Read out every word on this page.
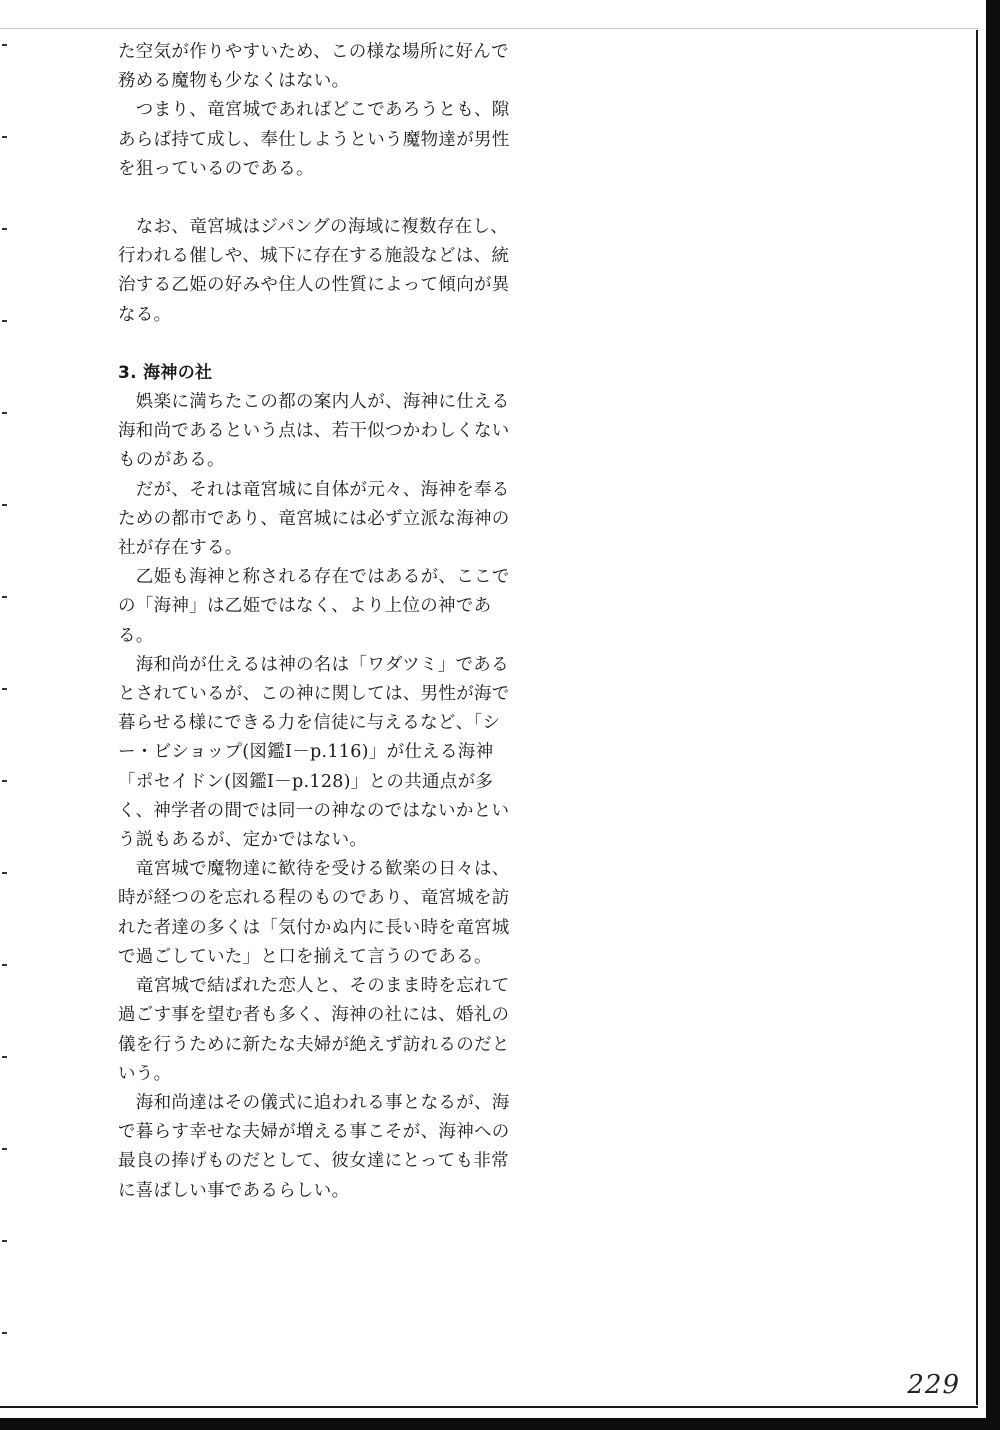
た空気が作りやすいため、この様な場所に好んで務める魔物も少なくはない。

　つまり、竜宮城であればどこであろうとも、隙あらば持て成し、奉仕しようという魔物達が男性を狙っているのである。

　なお、竜宮城はジパングの海域に複数存在し、行われる催しや、城下に存在する施設などは、統治する乙姫の好みや住人の性質によって傾向が異なる。

3. 海神の社

　娯楽に満ちたこの都の案内人が、海神に仕える海和尚であるという点は、若干似つかわしくないものがある。

　だが、それは竜宮城に自体が元々、海神を奉るための都市であり、竜宮城には必ず立派な海神の社が存在する。

　乙姫も海神と称される存在ではあるが、ここでの「海神」は乙姫ではなく、より上位の神である。

　海和尚が仕えるは神の名は「ワダツミ」であるとされているが、この神に関しては、男性が海で暮らせる様にできる力を信徒に与えるなど、「シー・ビショップ(図鑑Ⅰ－p.116)」が仕える海神「ポセイドン(図鑑Ⅰ－p.128)」との共通点が多く、神学者の間では同一の神なのではないかという説もあるが、定かではない。

　竜宮城で魔物達に歓待を受ける歓楽の日々は、時が経つのを忘れる程のものであり、竜宮城を訪れた者達の多くは「気付かぬ内に長い時を竜宮城で過ごしていた」と口を揃えて言うのである。

　竜宮城で結ばれた恋人と、そのまま時を忘れて過ごす事を望む者も多く、海神の社には、婚礼の儀を行うために新たな夫婦が絶えず訪れるのだという。

　海和尚達はその儀式に追われる事となるが、海で暮らす幸せな夫婦が増える事こそが、海神への最良の捧げものだとして、彼女達にとっても非常に喜ばしい事であるらしい。

229
